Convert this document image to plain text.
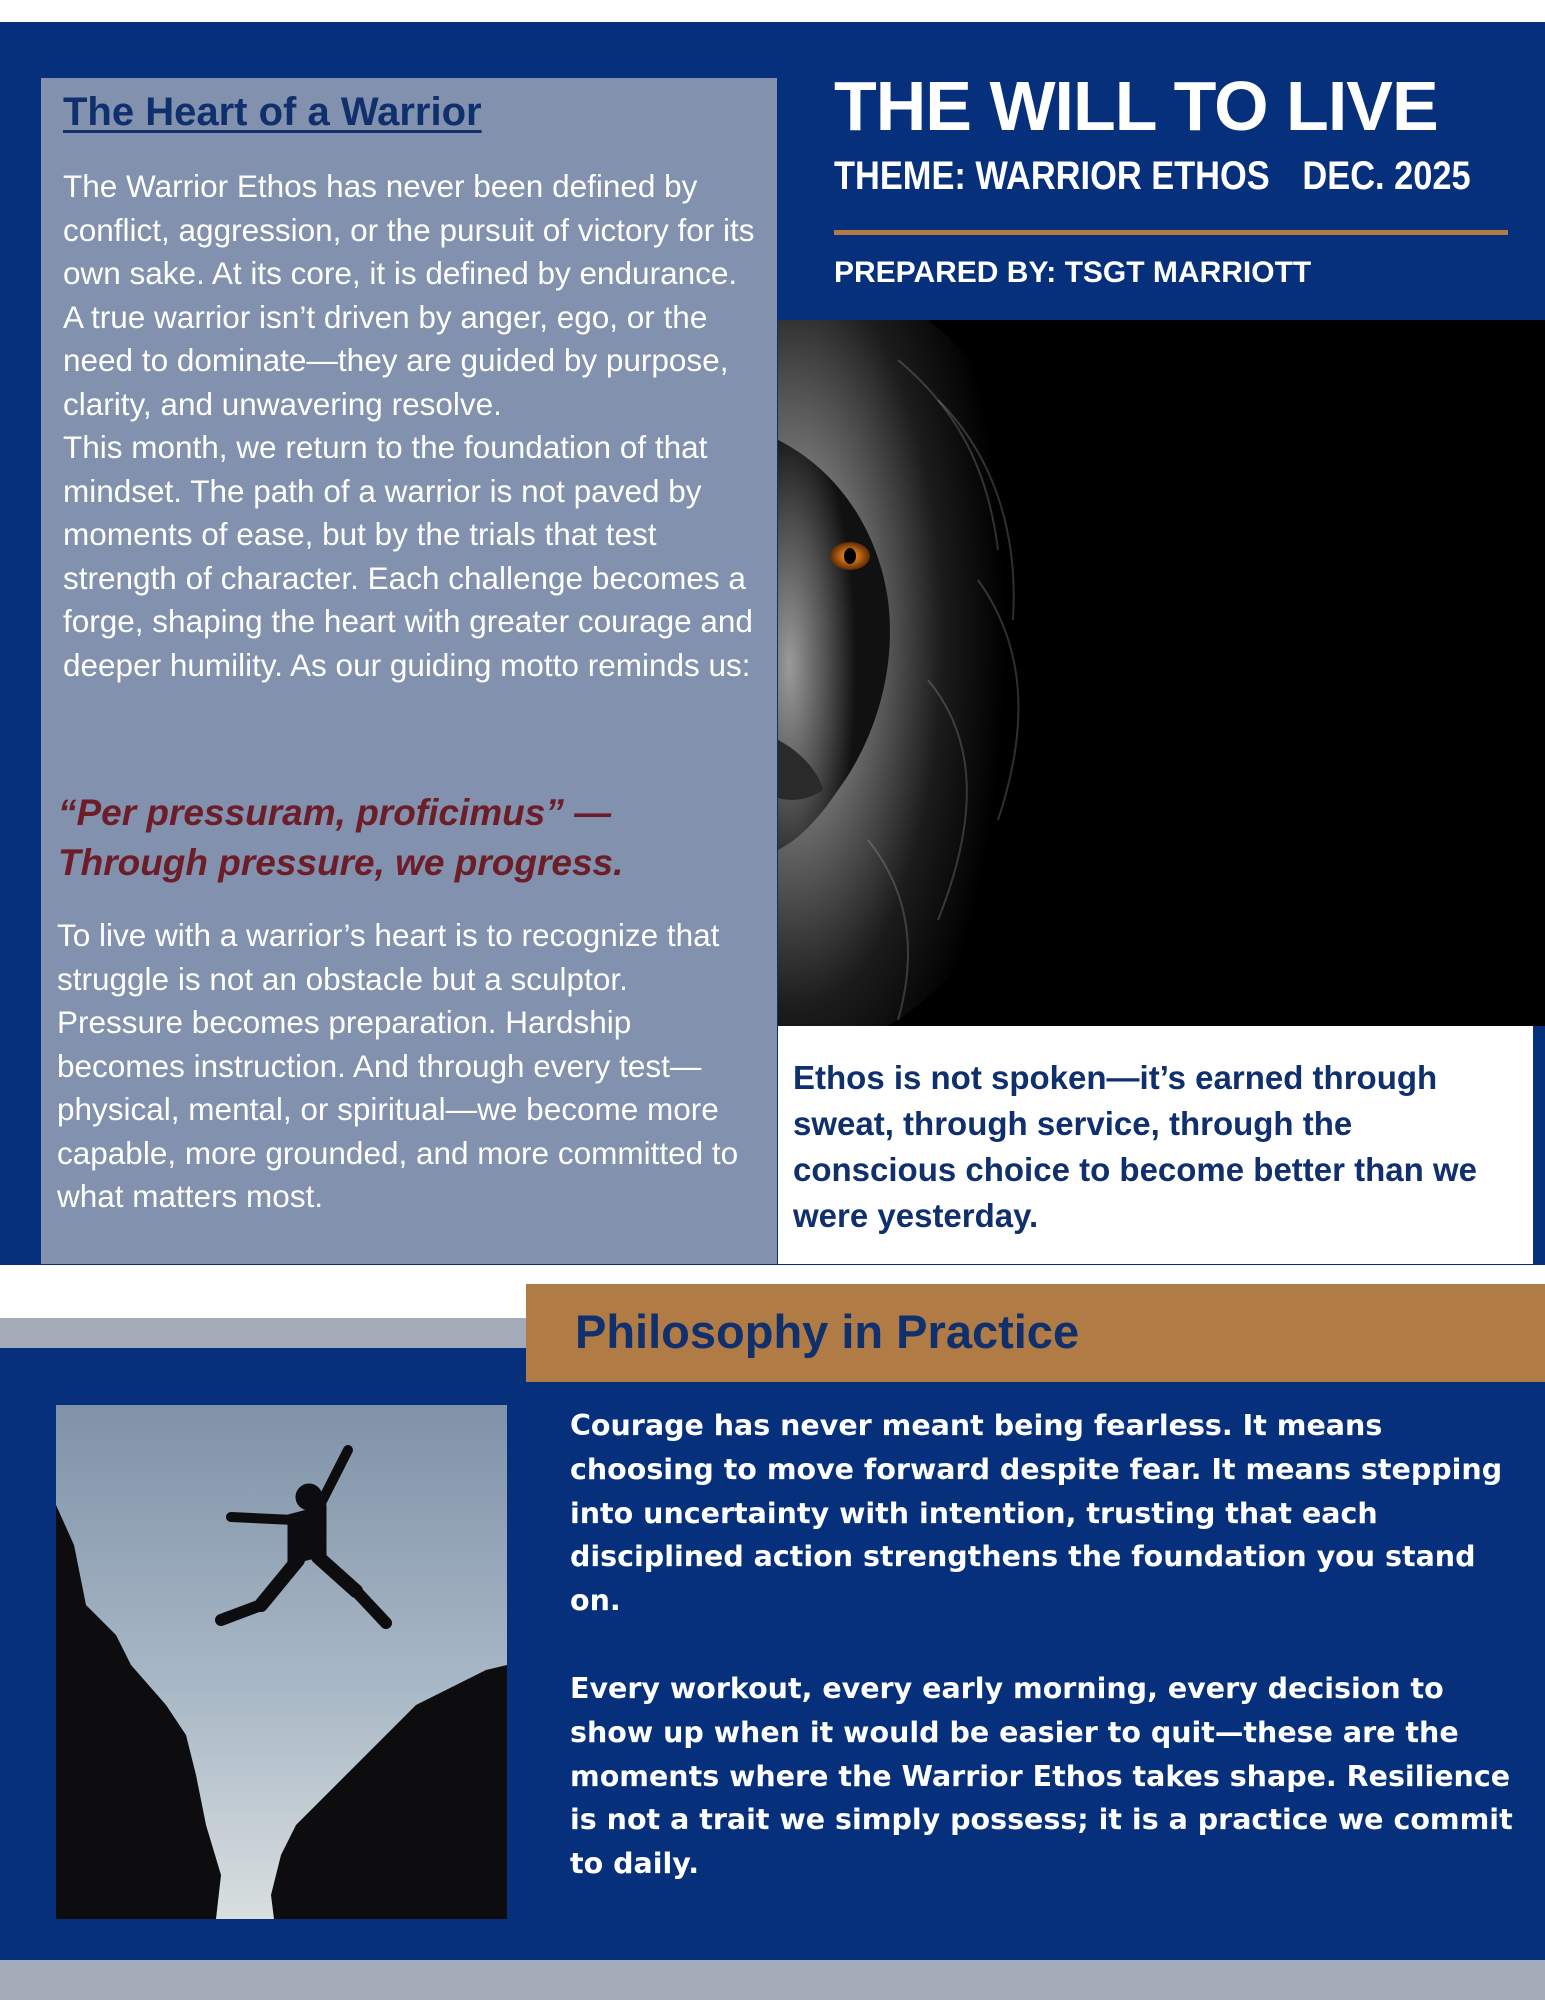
The Heart of a Warrior
The Warrior Ethos has never been defined by conflict, aggression, or the pursuit of victory for its own sake. At its core, it is defined by endurance. A true warrior isn’t driven by anger, ego, or the need to dominate—they are guided by purpose, clarity, and unwavering resolve.
This month, we return to the foundation of that mindset. The path of a warrior is not paved by moments of ease, but by the trials that test strength of character. Each challenge becomes a forge, shaping the heart with greater courage and deeper humility. As our guiding motto reminds us:
“Per pressuram, proficimus” —
Through pressure, we progress.
To live with a warrior’s heart is to recognize that struggle is not an obstacle but a sculptor. Pressure becomes preparation. Hardship becomes instruction. And through every test—physical, mental, or spiritual—we become more capable, more grounded, and more committed to what matters most.
THE WILL TO LIVE
THEME: WARRIOR ETHOS DEC. 2025
PREPARED BY: TSGT MARRIOTT
Ethos is not spoken—it’s earned through sweat, through service, through the conscious choice to become better than we were yesterday.
Philosophy in Practice
Courage has never meant being fearless. It means choosing to move forward despite fear. It means stepping into uncertainty with intention, trusting that each disciplined action strengthens the foundation you stand on.
Every workout, every early morning, every decision to show up when it would be easier to quit—these are the moments where the Warrior Ethos takes shape. Resilience is not a trait we simply possess; it is a practice we commit to daily.
